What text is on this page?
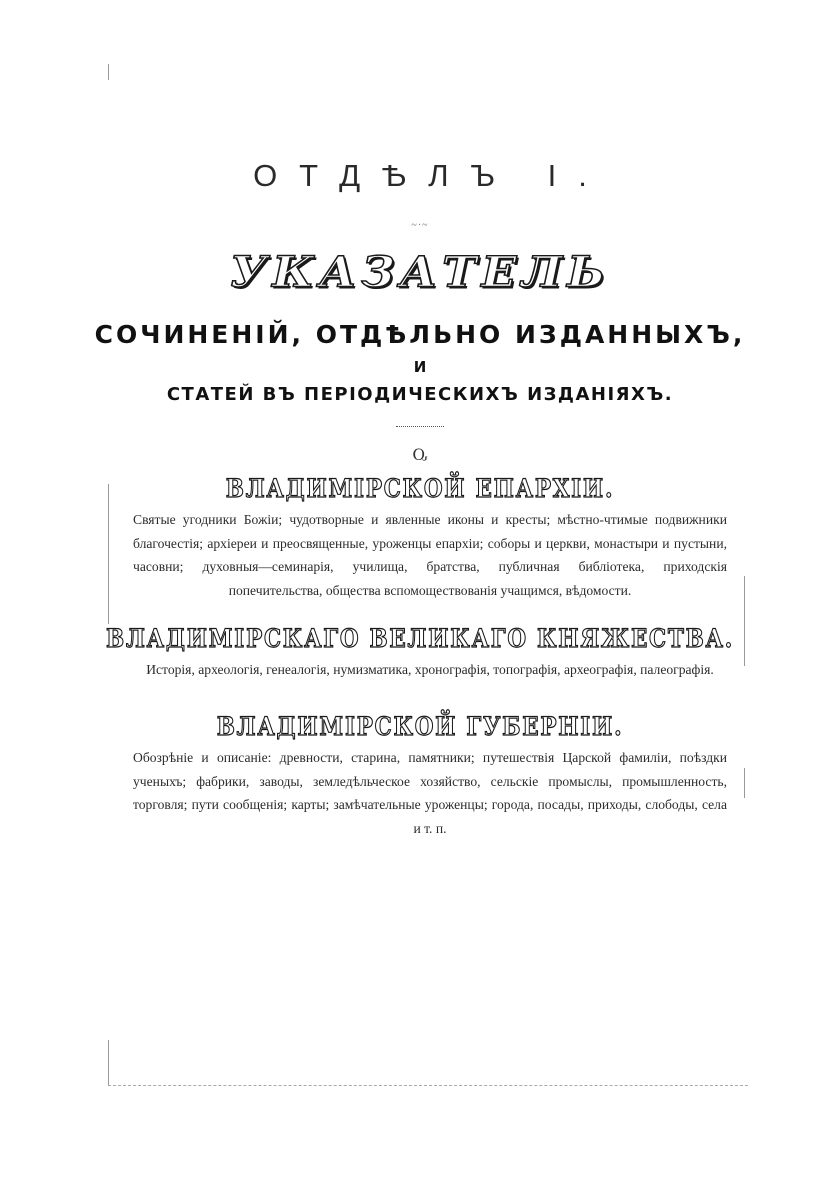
ОТДѢЛЪ I.
~·~
УКАЗАТЕЛЬ
СОЧИНЕНІЙ, ОТДѢЛЬНО ИЗДАННЫХЪ,
И
СТАТЕЙ ВЪ ПЕРІОДИЧЕСКИХЪ ИЗДАНІЯХЪ.
Ⴍ
ВЛАДИМІРСКОЙ ЕПАРХІИ.
Святые угодники Божіи; чудотворные и явленные иконы и кресты; мѣстно-чтимые подвижники благочестія; архіереи и преосвященные, уроженцы епархіи; соборы и церкви, монастыри и пустыни, часовни; духовныя—семинарія, училища, братства, публичная библіотека, приходскія попечительства, общества вспомоществованія учащимся, вѣдомости.
ВЛАДИМІРСКАГО ВЕЛИКАГО КНЯЖЕСТВА.
Исторія, археологія, генеалогія, нумизматика, хронографія, топографія, археографія, палеографія.
ВЛАДИМІРСКОЙ ГУБЕРНІИ.
Обозрѣніе и описаніе: древности, старина, памятники; путешествія Царской фамиліи, поѣздки ученыхъ; фабрики, заводы, земледѣльческое хозяйство, сельскіе промыслы, промышленность, торговля; пути сообщенія; карты; замѣчательные уроженцы; города, посады, приходы, слободы, села и т. п.
